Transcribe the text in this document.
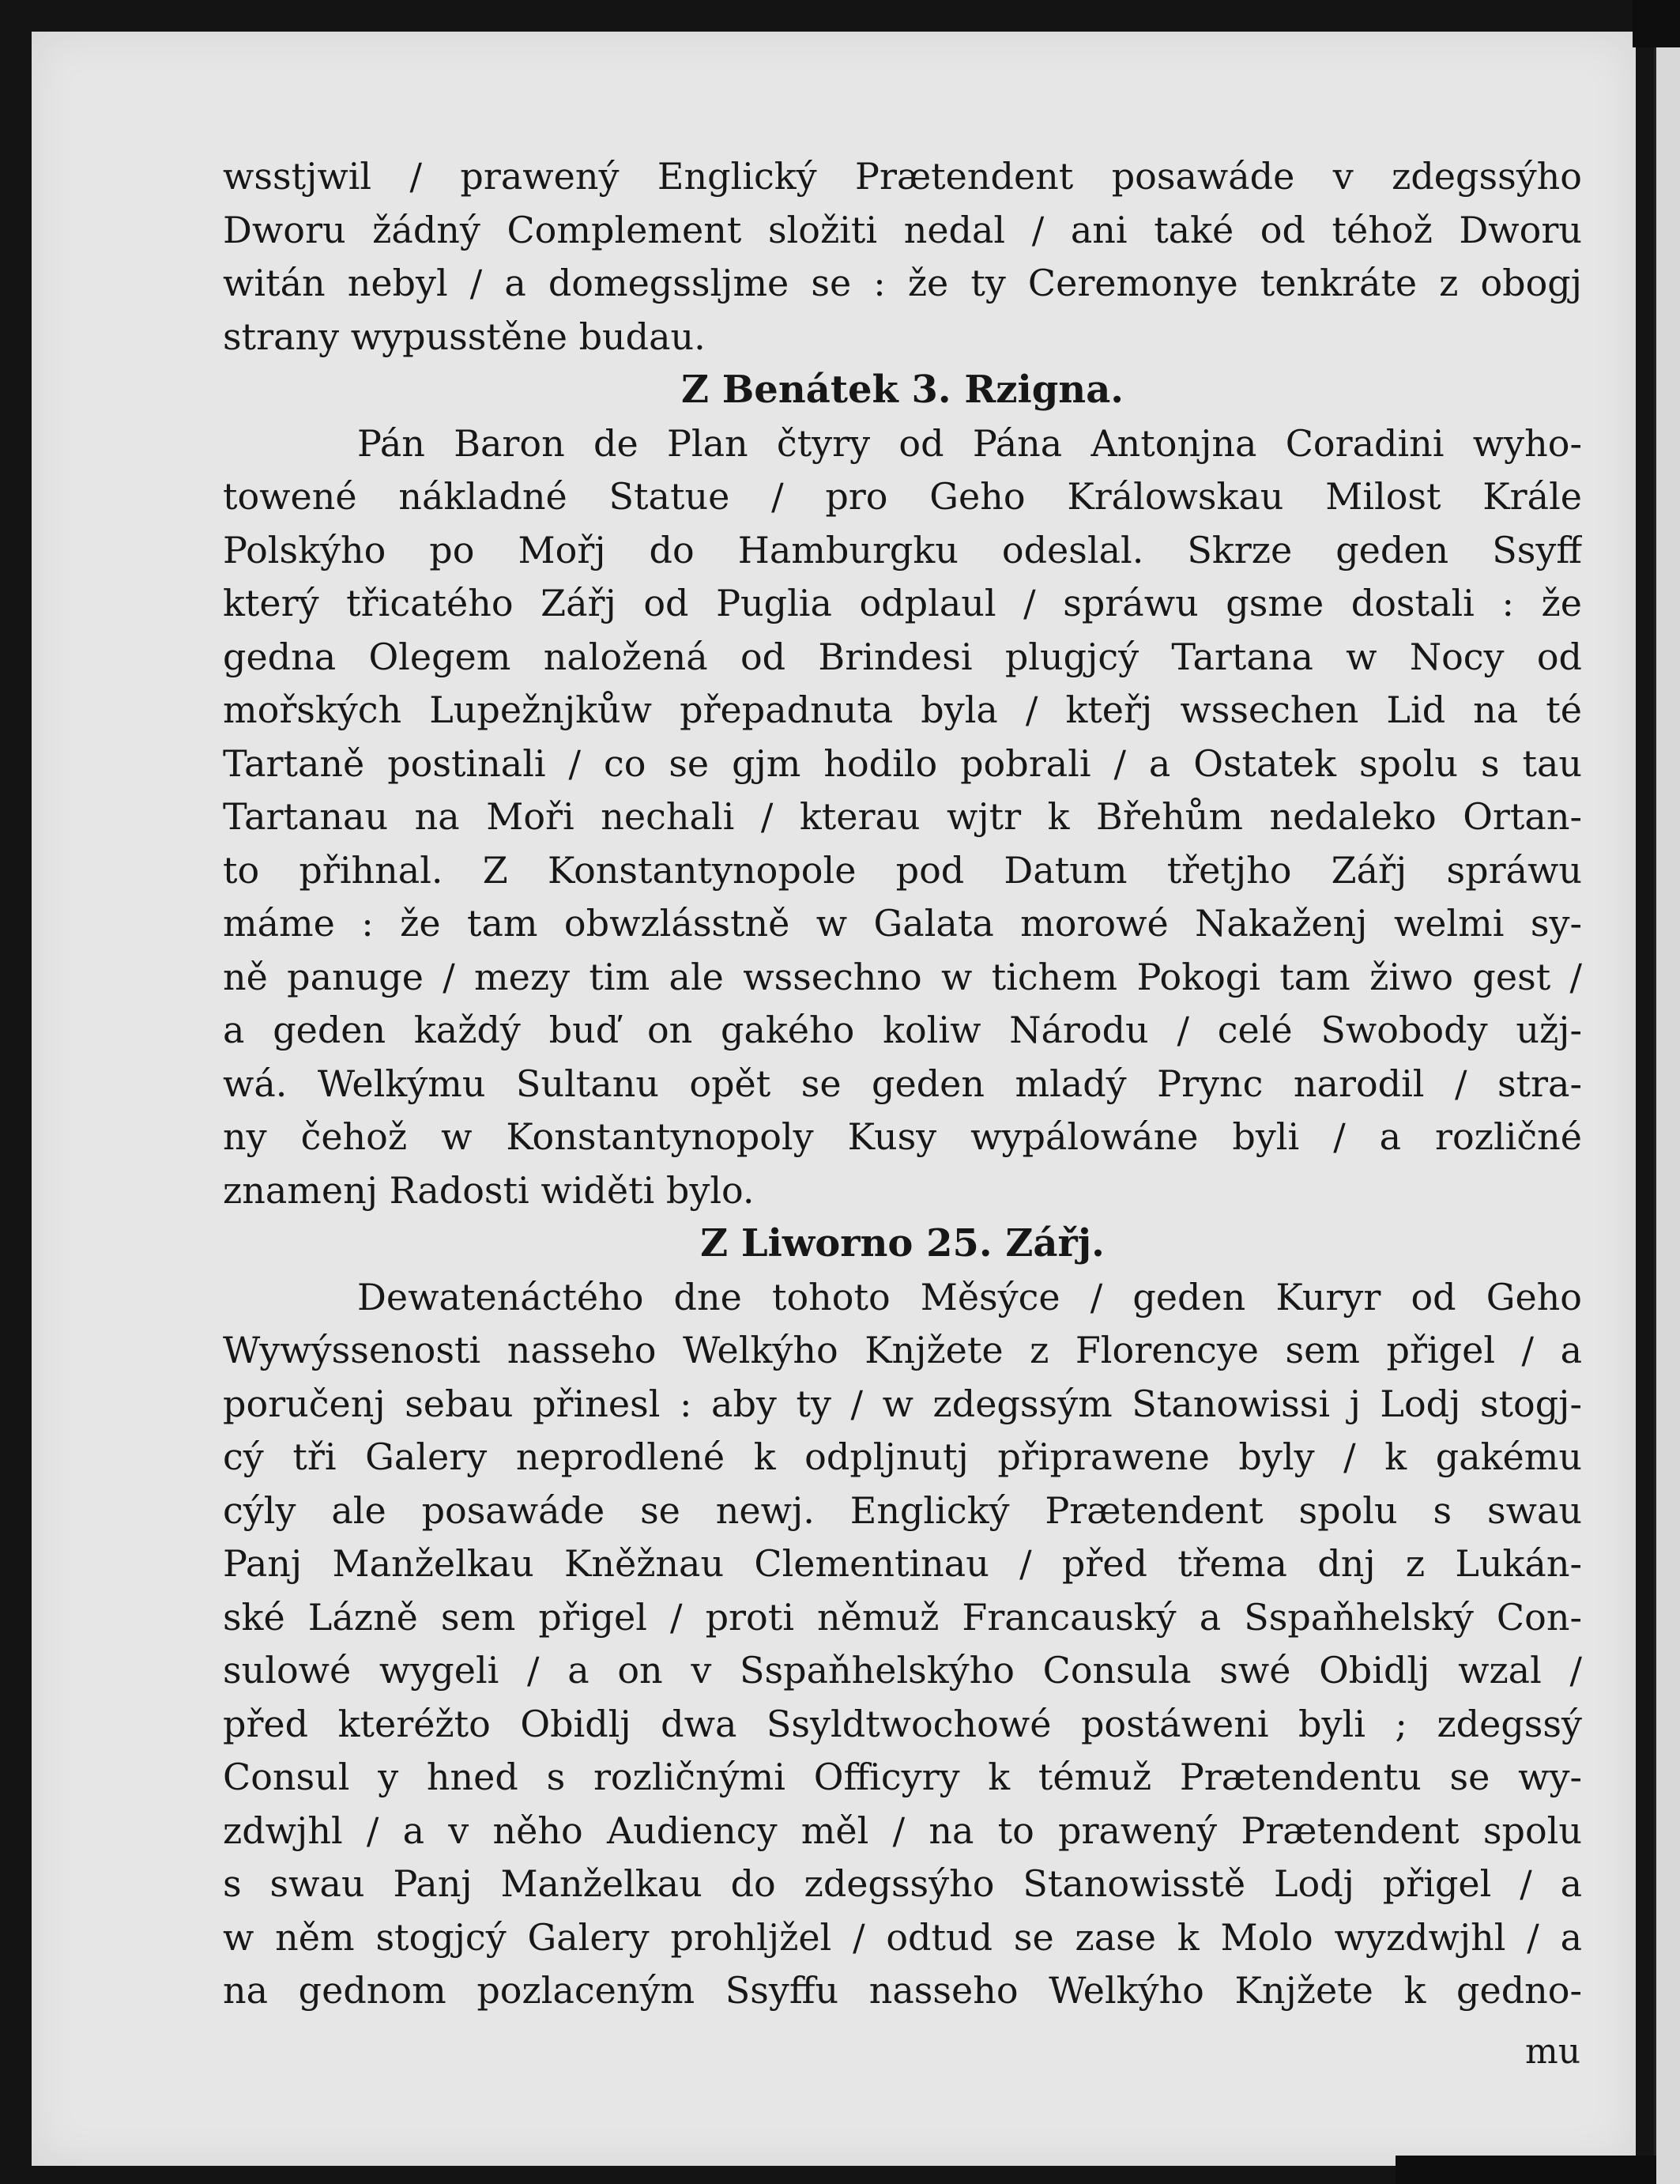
wsstjwil / prawený Englický Prætendent posawáde v zdegssýho
Dworu žádný Complement složiti nedal / ani také od téhož Dworu
witán nebyl / a domegssljme se : že ty Ceremonye tenkráte z obogj
strany wypusstěne budau.
Z Benátek 3. Rzigna.
Pán Baron de Plan čtyry od Pána Antonjna Coradini wyho-
towené nákladné Statue / pro Geho Králowskau Milost Krále
Polskýho po Mořj do Hamburgku odeslal. Skrze geden Ssyff
který třicatého Zářj od Puglia odplaul / spráwu gsme dostali : že
gedna Olegem naložená od Brindesi plugjcý Tartana w Nocy od
mořských Lupežnjkůw přepadnuta byla / kteřj wssechen Lid na té
Tartaně postinali / co se gjm hodilo pobrali / a Ostatek spolu s tau
Tartanau na Moři nechali / kterau wjtr k Břehům nedaleko Ortan-
to přihnal. Z Konstantynopole pod Datum třetjho Zářj spráwu
máme : že tam obwzlásstně w Galata morowé Nakaženj welmi sy-
ně panuge / mezy tim ale wssechno w tichem Pokogi tam žiwo gest /
a geden každý buď on gakého koliw Národu / celé Swobody užj-
wá. Welkýmu Sultanu opět se geden mladý Prync narodil / stra-
ny čehož w Konstantynopoly Kusy wypálowáne byli / a rozličné
znamenj Radosti widěti bylo.
Z Liworno 25. Zářj.
Dewatenáctého dne tohoto Měsýce / geden Kuryr od Geho
Wywýssenosti nasseho Welkýho Knjžete z Florencye sem přigel / a
poručenj sebau přinesl : aby ty / w zdegssým Stanowissi j Lodj stogj-
cý tři Galery neprodlené k odpljnutj připrawene byly / k gakému
cýly ale posawáde se newj. Englický Prætendent spolu s swau
Panj Manželkau Kněžnau Clementinau / před třema dnj z Lukán-
ské Lázně sem přigel / proti němuž Francauský a Sspaňhelský Con-
sulowé wygeli / a on v Sspaňhelskýho Consula swé Obidlj wzal /
před kteréžto Obidlj dwa Ssyldtwochowé postáweni byli ; zdegssý
Consul y hned s rozličnými Officyry k témuž Prætendentu se wy-
zdwjhl / a v něho Audiency měl / na to prawený Prætendent spolu
s swau Panj Manželkau do zdegssýho Stanowisstě Lodj přigel / a
w něm stogjcý Galery prohljžel / odtud se zase k Molo wyzdwjhl / a
na gednom pozlaceným Ssyffu nasseho Welkýho Knjžete k gedno-
mu
